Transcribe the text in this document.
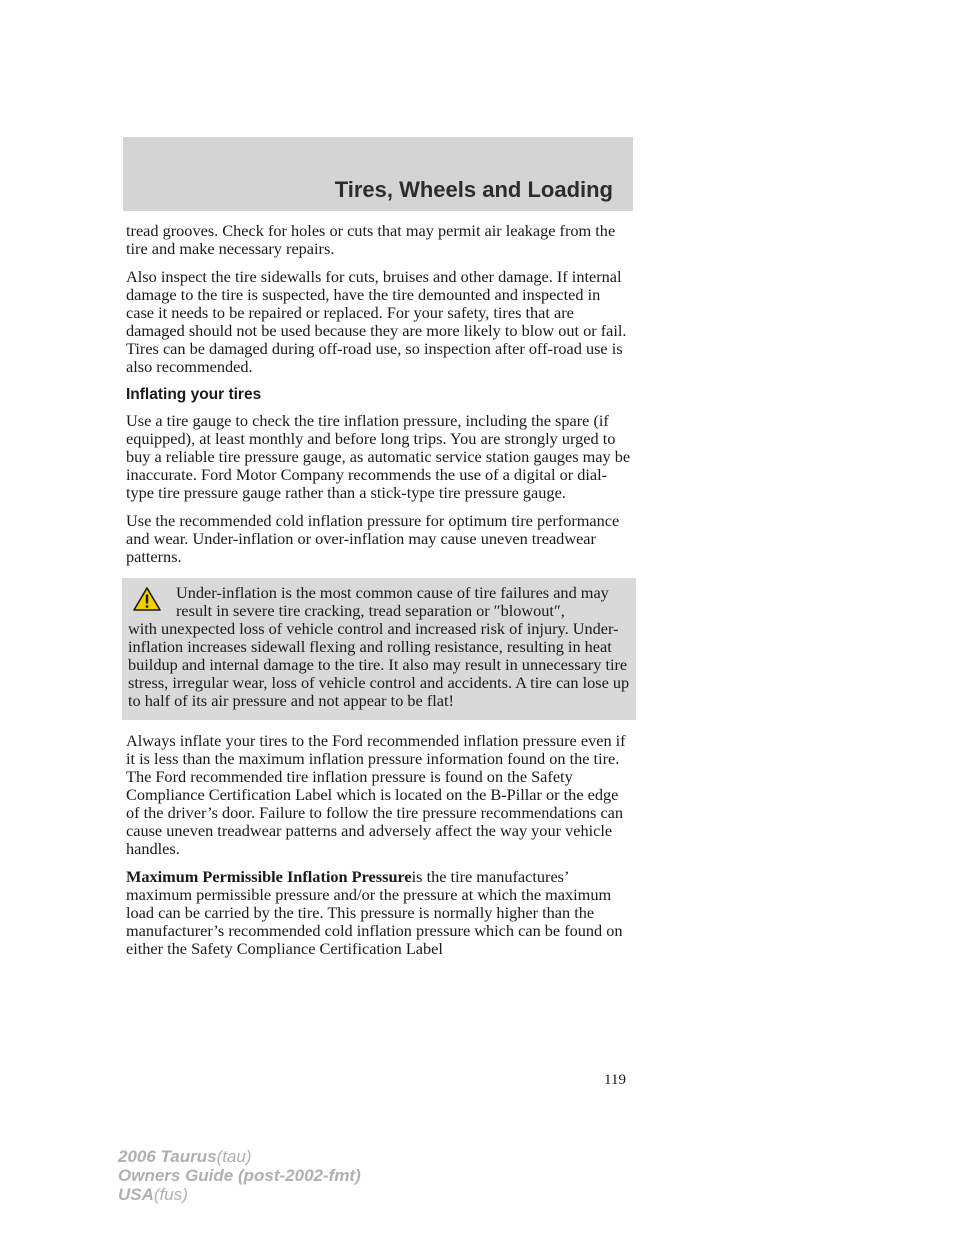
Tires, Wheels and Loading

tread grooves. Check for holes or cuts that may permit air leakage from the tire and make necessary repairs.

Also inspect the tire sidewalls for cuts, bruises and other damage. If internal damage to the tire is suspected, have the tire demounted and inspected in case it needs to be repaired or replaced. For your safety, tires that are damaged should not be used because they are more likely to blow out or fail. Tires can be damaged during off-road use, so inspection after off-road use is also recommended.

Inflating your tires

Use a tire gauge to check the tire inflation pressure, including the spare (if equipped), at least monthly and before long trips. You are strongly urged to buy a reliable tire pressure gauge, as automatic service station gauges may be inaccurate. Ford Motor Company recommends the use of a digital or dial-type tire pressure gauge rather than a stick-type tire pressure gauge.

Use the recommended cold inflation pressure for optimum tire performance and wear. Under-inflation or over-inflation may cause uneven treadwear patterns.

Under-inflation is the most common cause of tire failures and may result in severe tire cracking, tread separation or ″blowout″,
with unexpected loss of vehicle control and increased risk of injury. Under-inflation increases sidewall flexing and rolling resistance, resulting in heat buildup and internal damage to the tire. It also may result in unnecessary tire stress, irregular wear, loss of vehicle control and accidents. A tire can lose up to half of its air pressure and not appear to be flat!

Always inflate your tires to the Ford recommended inflation pressure even if it is less than the maximum inflation pressure information found on the tire. The Ford recommended tire inflation pressure is found on the Safety Compliance Certification Label which is located on the B-Pillar or the edge of the driver’s door. Failure to follow the tire pressure recommendations can cause uneven treadwear patterns and adversely affect the way your vehicle handles.

Maximum Permissible Inflation Pressureis the tire manufactures’ maximum permissible pressure and/or the pressure at which the maximum load can be carried by the tire. This pressure is normally higher than the manufacturer’s recommended cold inflation pressure which can be found on either the Safety Compliance Certification Label

119
2006 Taurus(tau)
Owners Guide (post-2002-fmt)
USA(fus)
